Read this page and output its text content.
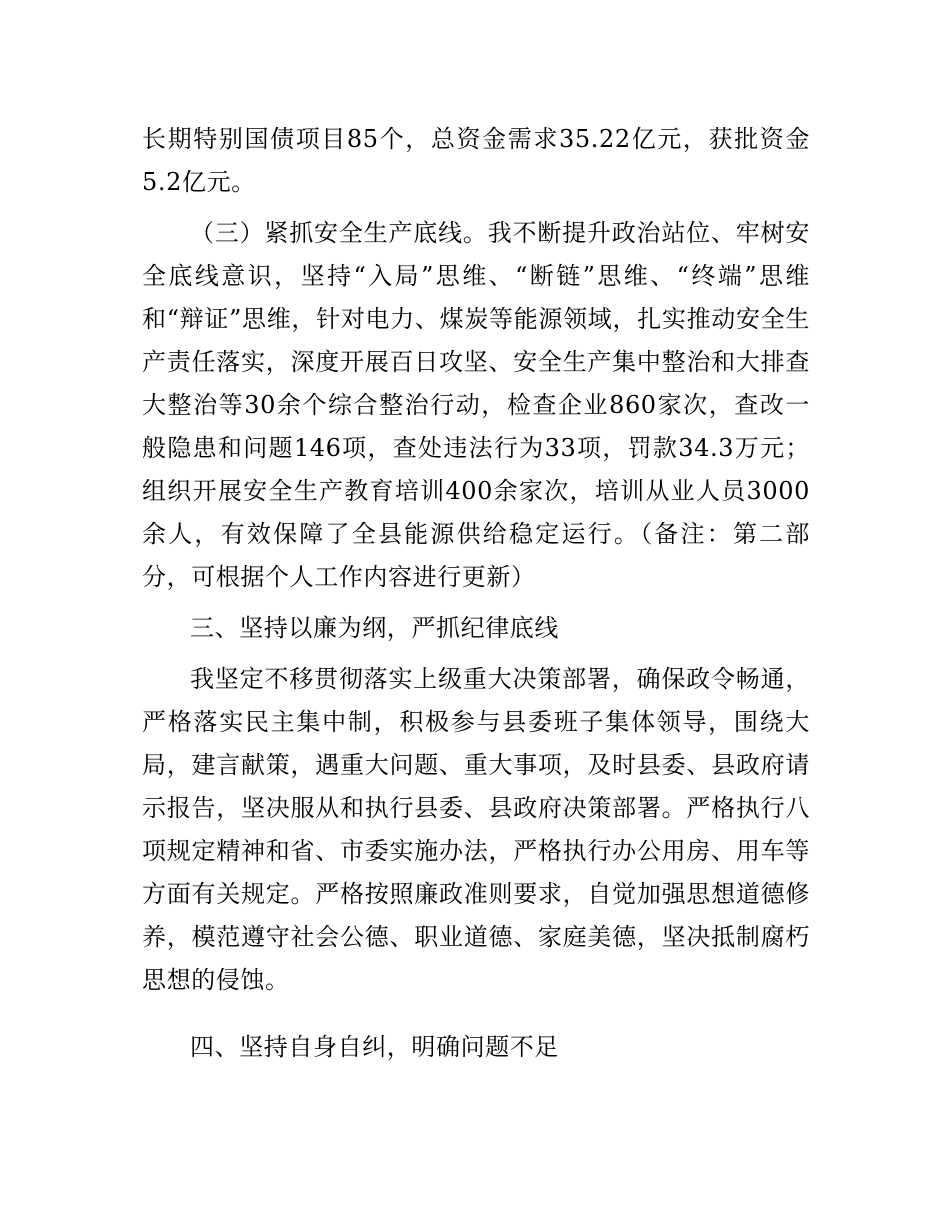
长期特别国债项目85个，总资金需求35.22亿元，获批资金5.2亿元。

（三）紧抓安全生产底线。我不断提升政治站位、牢树安全底线意识，坚持“入局”思维、“断链”思维、“终端”思维和“辩证”思维，针对电力、煤炭等能源领域，扎实推动安全生产责任落实，深度开展百日攻坚、安全生产集中整治和大排查大整治等30余个综合整治行动，检查企业860家次，查改一般隐患和问题146项，查处违法行为33项，罚款34.3万元；组织开展安全生产教育培训400余家次，培训从业人员3000余人，有效保障了全县能源供给稳定运行。（备注：第二部分，可根据个人工作内容进行更新）

三、坚持以廉为纲，严抓纪律底线

我坚定不移贯彻落实上级重大决策部署，确保政令畅通，严格落实民主集中制，积极参与县委班子集体领导，围绕大局，建言献策，遇重大问题、重大事项，及时县委、县政府请示报告，坚决服从和执行县委、县政府决策部署。严格执行八项规定精神和省、市委实施办法，严格执行办公用房、用车等方面有关规定。严格按照廉政准则要求，自觉加强思想道德修养，模范遵守社会公德、职业道德、家庭美德，坚决抵制腐朽思想的侵蚀。

四、坚持自身自纠，明确问题不足
